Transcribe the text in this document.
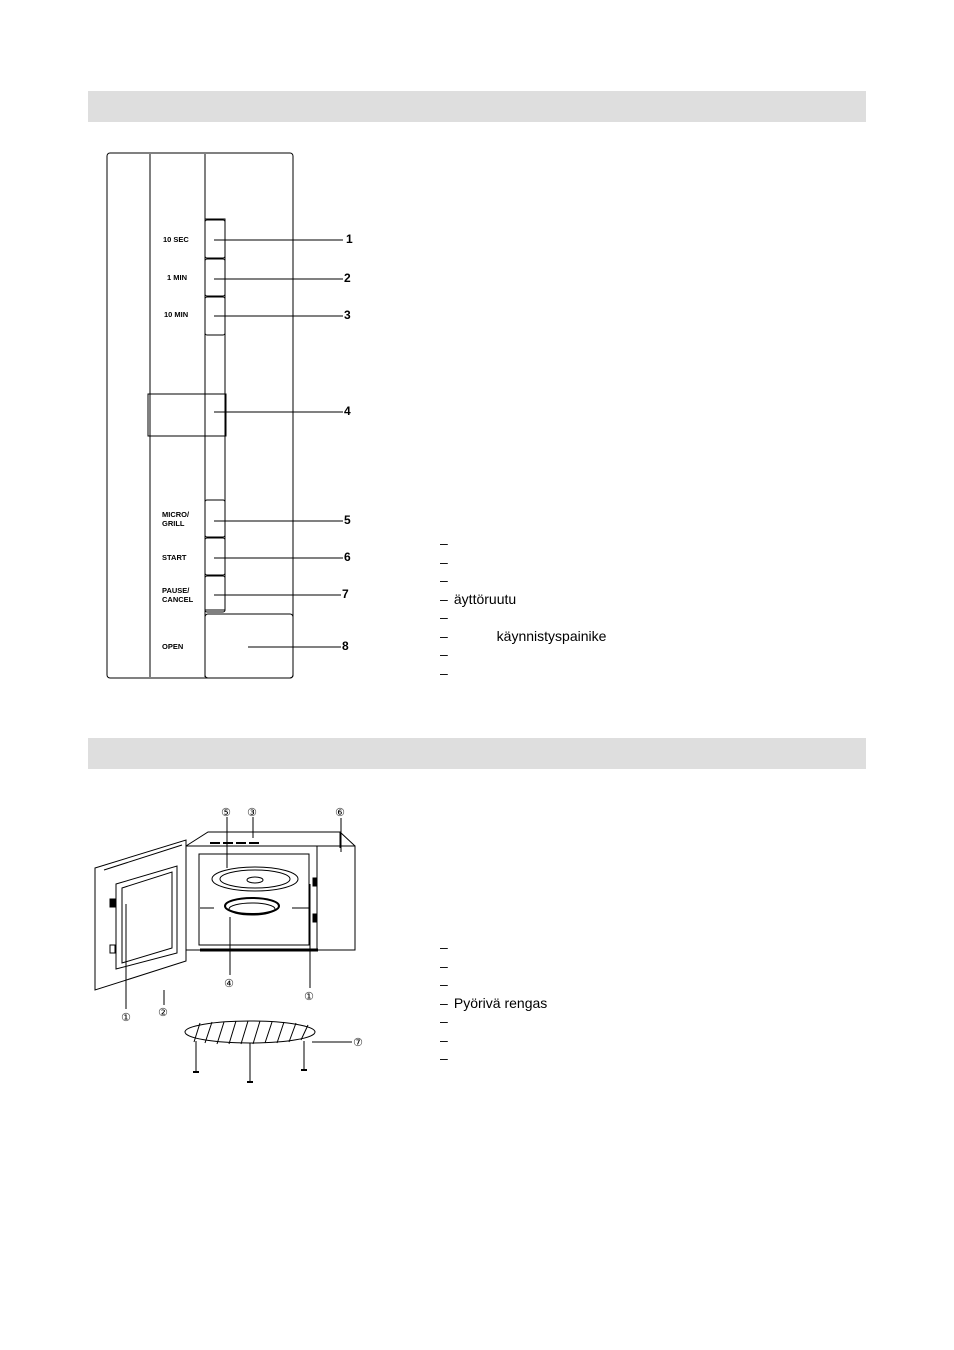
10 SEC
1 MIN
10 MIN
MICRO/
GRILL
START
PAUSE/
CANCEL
OPEN
1
2
3
4
5
6
7
8
⑤ ③	⑥
④
①
① ②
⑦
–
–
–
– äyttöruutu
–
–            käynnistyspainike
–
–
–
–
–
– Pyörivä rengas
–
–
–
